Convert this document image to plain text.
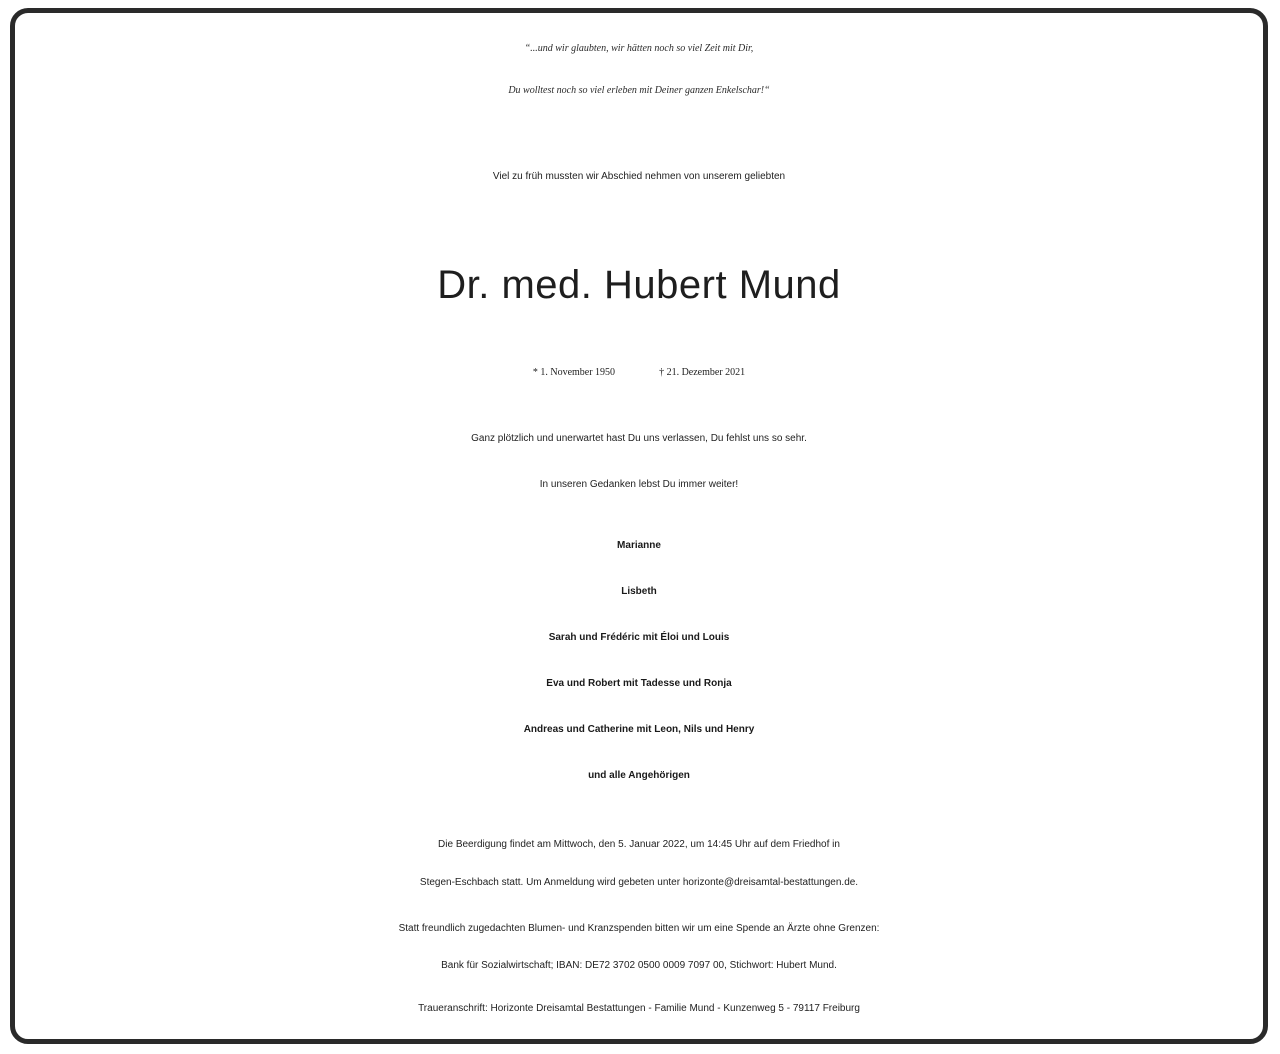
“...und wir glaubten, wir hätten noch so viel Zeit mit Dir,
Du wolltest noch so viel erleben mit Deiner ganzen Enkelschar!“
Viel zu früh mussten wir Abschied nehmen von unserem geliebten
Dr. med. Hubert Mund
* 1. November 1950	† 21. Dezember 2021
Ganz plötzlich und unerwartet hast Du uns verlassen, Du fehlst uns so sehr.
In unseren Gedanken lebst Du immer weiter!
Marianne
Lisbeth
Sarah und Frédéric mit Éloi und Louis
Eva und Robert mit Tadesse und Ronja
Andreas und Catherine mit Leon, Nils und Henry
und alle Angehörigen
Die Beerdigung findet am Mittwoch, den 5. Januar 2022, um 14:45 Uhr auf dem Friedhof in
Stegen-Eschbach statt. Um Anmeldung wird gebeten unter horizonte@dreisamtal-bestattungen.de.
Statt freundlich zugedachten Blumen- und Kranzspenden bitten wir um eine Spende an Ärzte ohne Grenzen:
Bank für Sozialwirtschaft; IBAN: DE72 3702 0500 0009 7097 00, Stichwort: Hubert Mund.
Traueranschrift: Horizonte Dreisamtal Bestattungen - Familie Mund - Kunzenweg 5 - 79117 Freiburg
